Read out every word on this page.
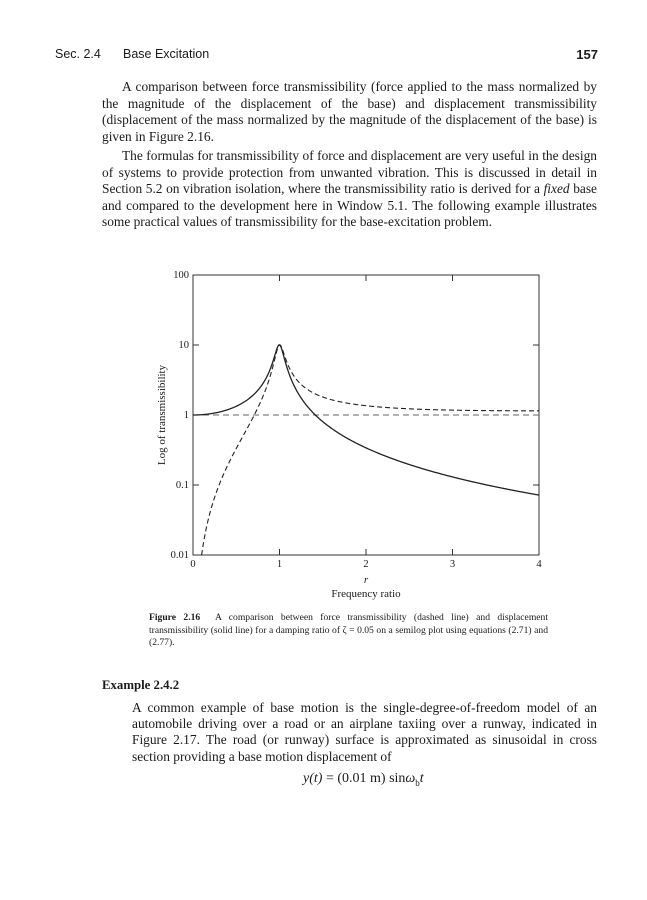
Sec. 2.4 Base Excitation	157

A comparison between force transmissibility (force applied to the mass normalized by the magnitude of the displacement of the base) and displacement transmissibility (displacement of the mass normalized by the magnitude of the displacement of the base) is given in Figure 2.16.

The formulas for transmissibility of force and displacement are very useful in the design of systems to provide protection from unwanted vibration. This is discussed in detail in Section 5.2 on vibration isolation, where the transmissibility ratio is derived for a fixed base and compared to the development here in Window 5.1. The following example illustrates some practical values of transmissibility for the base-excitation problem.

0	1	2	3	4
0.01
0.1
1
10
100
r
Frequency ratio
Log of transmissibility
Figure 2.16 A comparison between force transmissibility (dashed line) and displacement transmissibility (solid line) for a damping ratio of ζ = 0.05 on a semilog plot using equations (2.71) and (2.77).
Example 2.4.2
A common example of base motion is the single-degree-of-freedom model of an automobile driving over a road or an airplane taxiing over a runway, indicated in Figure 2.17. The road (or runway) surface is approximated as sinusoidal in cross section providing a base motion displacement of
y(t) = (0.01 m) sinω$_b$t
